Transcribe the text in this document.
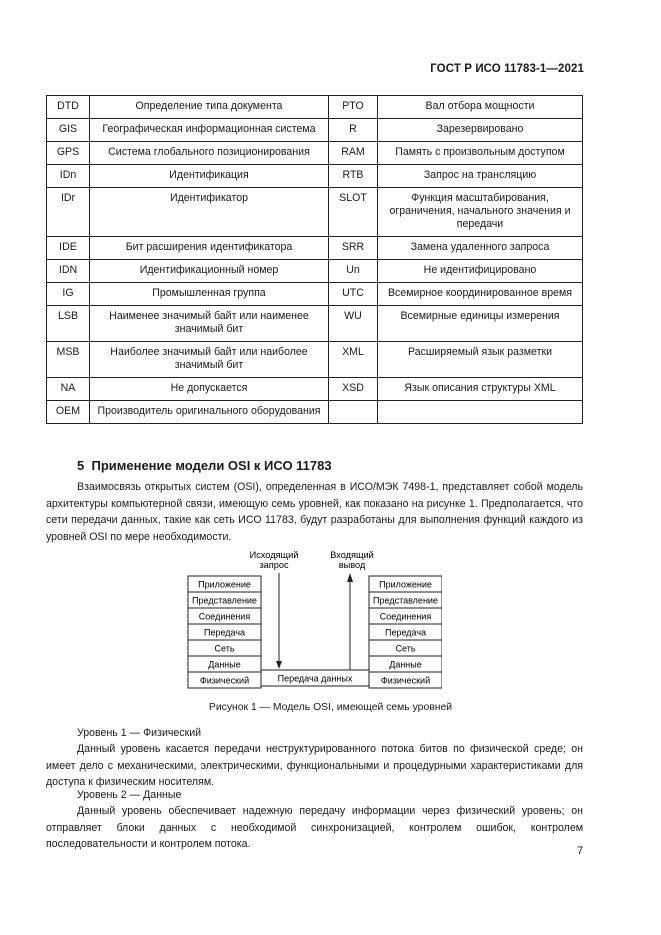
ГОСТ Р ИСО 11783-1—2021
DTD	Определение типа документа	PTO	Вал отбора мощности
GIS	Географическая информационная система	R	Зарезервировано
GPS	Система глобального позиционирования	RAM	Память с произвольным доступом
IDn	Идентификация	RTB	Запрос на трансляцию
IDr	Идентификатор	SLOT	Функция масштабирования, ограничения, начального значения и передачи
IDE	Бит расширения идентификатора	SRR	Замена удаленного запроса
IDN	Идентификационный номер	Un	Не идентифицировано
IG	Промышленная группа	UTC	Всемирное координированное время
LSB	Наименее значимый байт или наименее значимый бит	WU	Всемирные единицы измерения
MSB	Наиболее значимый байт или наиболее значимый бит	XML	Расширяемый язык разметки
NA	Не допускается	XSD	Язык описания структуры XML
OEM	Производитель оригинального оборудования		
5 Применение модели OSI к ИСО 11783

Взаимосвязь открытых систем (OSI), определенная в ИСО/МЭК 7498-1, представляет собой модель архитектуры компьютерной связи, имеющую семь уровней, как показано на рисунке 1. Предполагается, что сети передачи данных, такие как сеть ИСО 11783, будут разработаны для выполнения функций каждого из уровней OSI по мере необходимости.

Исходящий
запрос
Входящий
вывод
Приложение
Представление
Соединения
Передача
Сеть
Данные
Физический
Приложение
Представление
Соединения
Передача
Сеть
Данные
Физический
Передача данных
Рисунок 1 — Модель OSI, имеющей семь уровней

Уровень 1 — Физический

Данный уровень касается передачи неструктурированного потока битов по физической среде; он имеет дело с механическими, электрическими, функциональными и процедурными характеристиками для доступа к физическим носителям.

Уровень 2 — Данные

Данный уровень обеспечивает надежную передачу информации через физический уровень; он отправляет блоки данных с необходимой синхронизацией, контролем ошибок, контролем последовательности и контролем потока.

7
